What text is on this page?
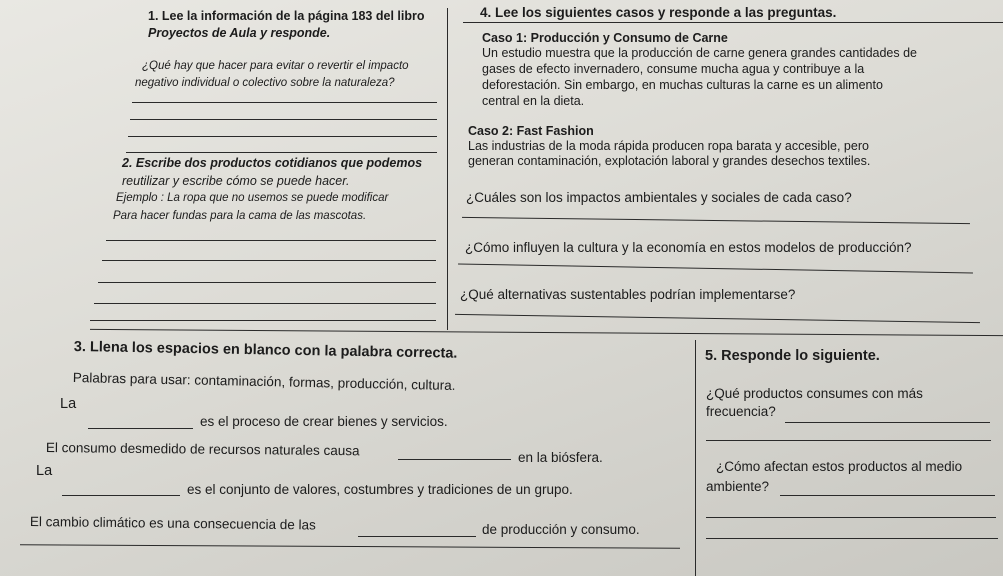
1. Lee la información de la página 183 del libro
Proyectos de Aula y responde.
¿Qué hay que hacer para evitar o revertir el impacto
negativo individual o colectivo sobre la naturaleza?
2. Escribe dos productos cotidianos que podemos
reutilizar y escribe cómo se puede hacer.
Ejemplo : La ropa que no usemos se puede modificar
Para hacer fundas para la cama de las mascotas.
4. Lee los siguientes casos y responde a las preguntas.
Caso 1: Producción y Consumo de Carne
Un estudio muestra que la producción de carne genera grandes cantidades de
gases de efecto invernadero, consume mucha agua y contribuye a la
deforestación. Sin embargo, en muchas culturas la carne es un alimento
central en la dieta.
Caso 2: Fast Fashion
Las industrias de la moda rápida producen ropa barata y accesible, pero
generan contaminación, explotación laboral y grandes desechos textiles.
¿Cuáles son los impactos ambientales y sociales de cada caso?
¿Cómo influyen la cultura y la economía en estos modelos de producción?
¿Qué alternativas sustentables podrían implementarse?
3. Llena los espacios en blanco con la palabra correcta.
Palabras para usar: contaminación, formas, producción, cultura.
La
es el proceso de crear bienes y servicios.
El consumo desmedido de recursos naturales causa	en la biósfera.
La
es el conjunto de valores, costumbres y tradiciones de un grupo.
El cambio climático es una consecuencia de las	de producción y consumo.
5. Responde lo siguiente.
¿Qué productos consumes con más
frecuencia?
¿Cómo afectan estos productos al medio
ambiente?
